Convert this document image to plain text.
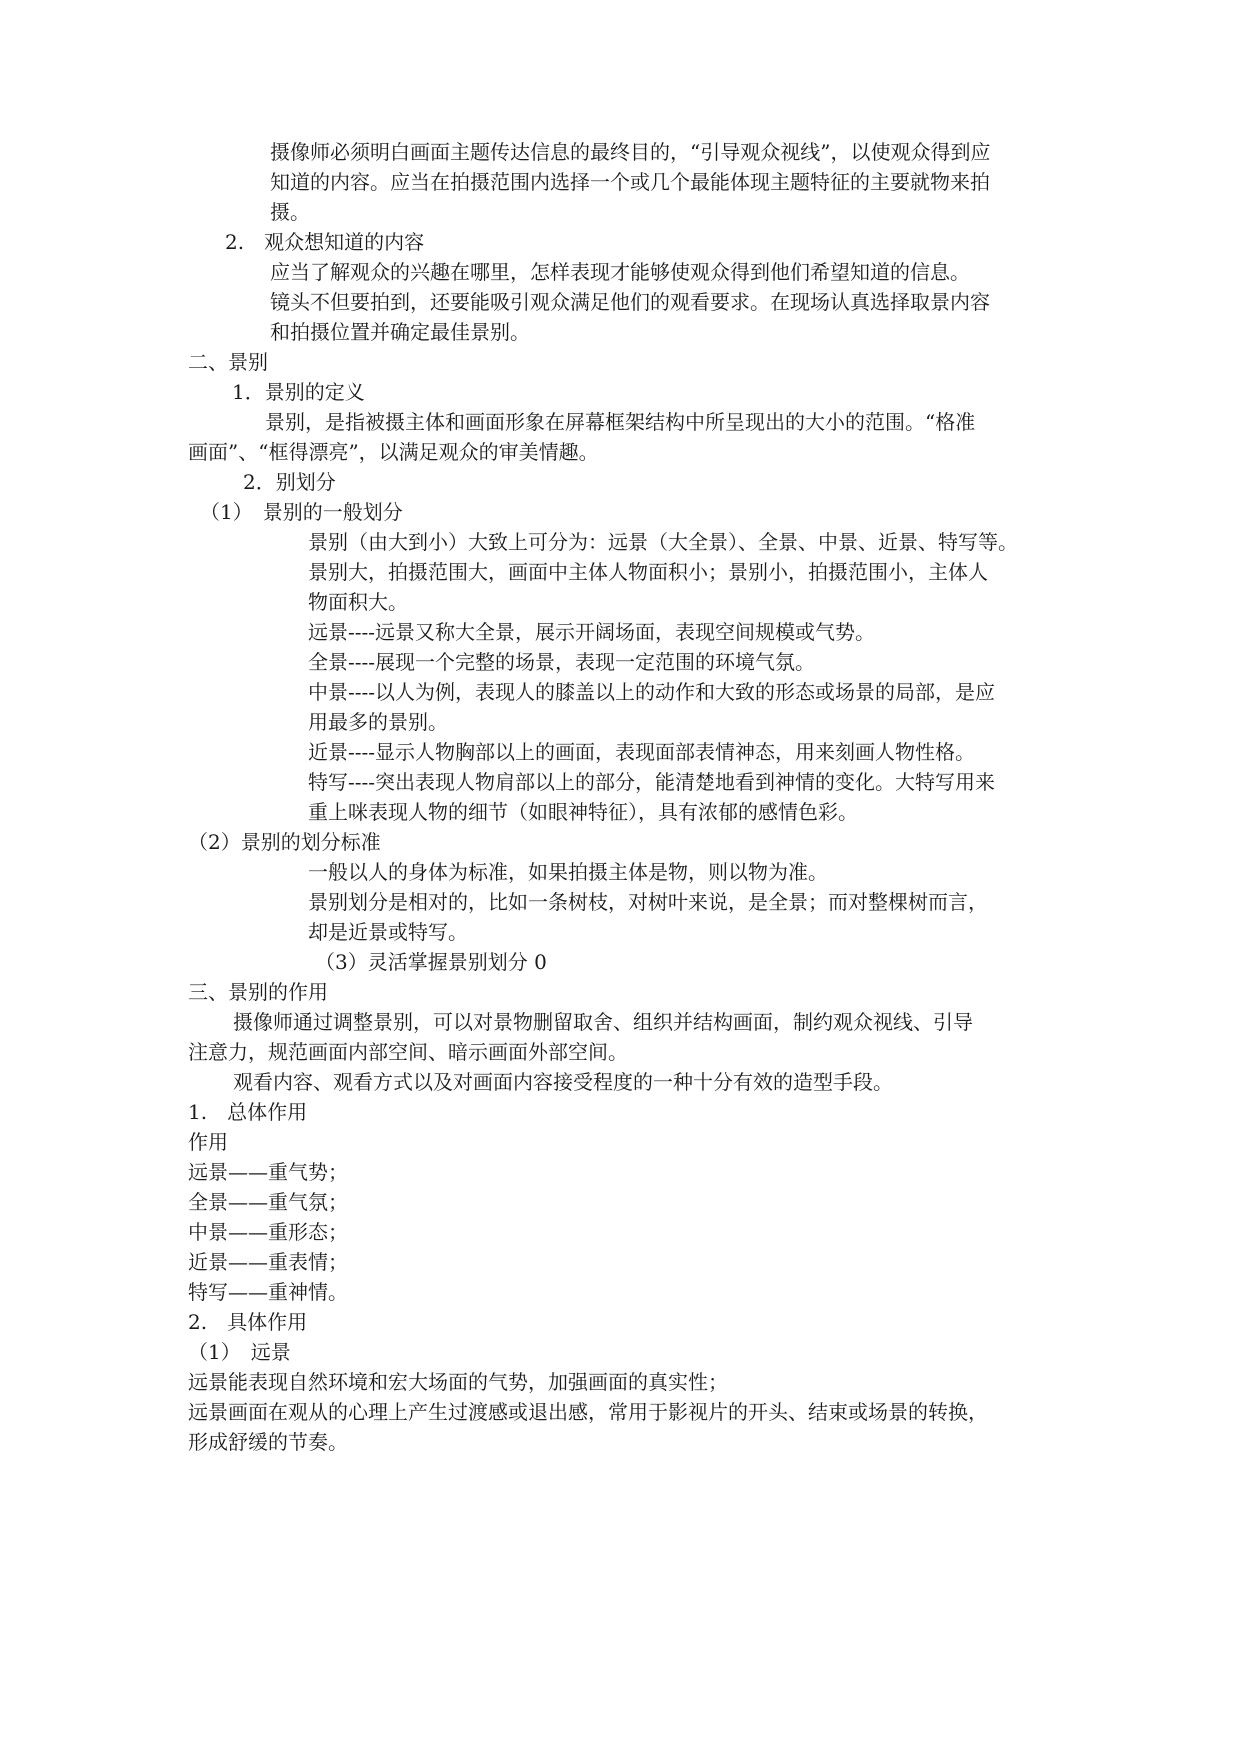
摄像师必须明白画面主题传达信息的最终目的，“引导观众视线”，以使观众得到应
知道的内容。应当在拍摄范围内选择一个或几个最能体现主题特征的主要就物来拍
摄。
2.　观众想知道的内容
应当了解观众的兴趣在哪里，怎样表现才能够使观众得到他们希望知道的信息。
镜头不但要拍到，还要能吸引观众满足他们的观看要求。在现场认真选择取景内容
和拍摄位置并确定最佳景别。
二、景别
1．景别的定义
景别，是指被摄主体和画面形象在屏幕框架结构中所呈现出的大小的范围。“格准
画面”、“框得漂亮”，以满足观众的审美情趣。
2．别划分
（1）　景别的一般划分
景别（由大到小）大致上可分为：远景（大全景）、全景、中景、近景、特写等。
景别大，拍摄范围大，画面中主体人物面积小；景别小，拍摄范围小，主体人
物面积大。
远景----远景又称大全景，展示开阔场面，表现空间规模或气势。
全景----展现一个完整的场景，表现一定范围的环境气氛。
中景----以人为例，表现人的膝盖以上的动作和大致的形态或场景的局部，是应
用最多的景别。
近景----显示人物胸部以上的画面，表现面部表情神态，用来刻画人物性格。
特写----突出表现人物肩部以上的部分，能清楚地看到神情的变化。大特写用来
重上咪表现人物的细节（如眼神特征），具有浓郁的感情色彩。
（2）景别的划分标准
一般以人的身体为标准，如果拍摄主体是物，则以物为准。
景别划分是相对的，比如一条树枝，对树叶来说，是全景；而对整棵树而言，
却是近景或特写。
（3）灵活掌握景别划分 0
三、景别的作用
摄像师通过调整景别，可以对景物删留取舍、组织并结构画面，制约观众视线、引导
注意力，规范画面内部空间、暗示画面外部空间。
观看内容、观看方式以及对画面内容接受程度的一种十分有效的造型手段。
1.　总体作用
作用
远景——重气势；
全景——重气氛；
中景——重形态；
近景——重表情；
特写——重神情。
2.　具体作用
（1）　远景
远景能表现自然环境和宏大场面的气势，加强画面的真实性；
远景画面在观从的心理上产生过渡感或退出感，常用于影视片的开头、结束或场景的转换，
形成舒缓的节奏。
